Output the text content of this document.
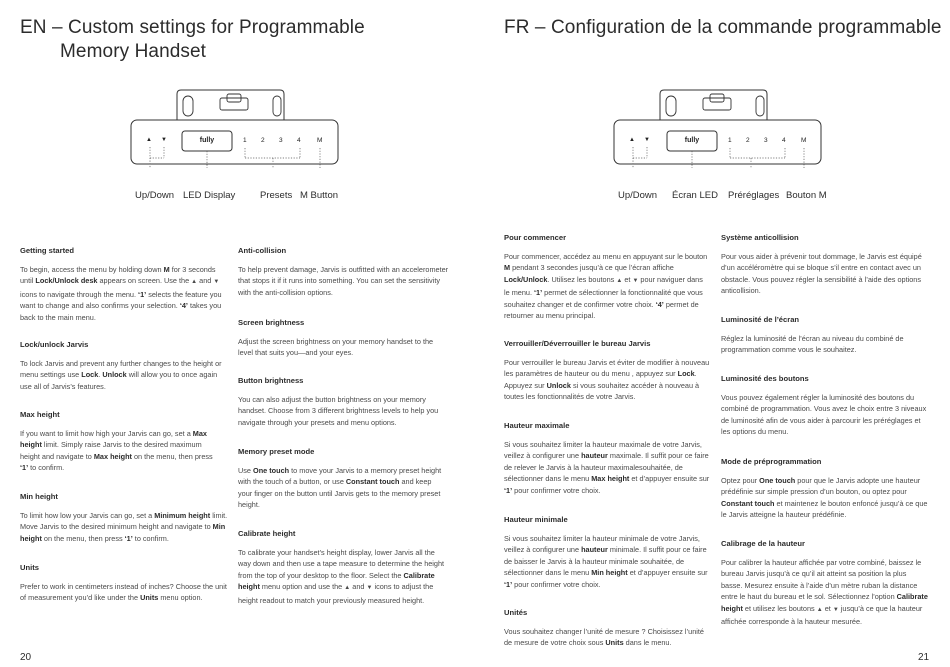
EN – Custom settings for Programmable
Memory Handset
▲ ▼	fully	1 2 3 4	M
Up/Down LED Display	Presets M Button
Getting started
To begin, access the menu by holding down M for 3 seconds until Lock/Unlock desk appears on screen. Use the ▲ and ▼ icons to navigate through the menu. ‘1’ selects the feature you want to change and also confirms your selection. ‘4’ takes you back to the main menu.
Lock/unlock Jarvis
To lock Jarvis and prevent any further changes to the height or menu settings use Lock. Unlock will allow you to once again use all of Jarvis’s features.
Max height
If you want to limit how high your Jarvis can go, set a Max height limit. Simply raise Jarvis to the desired maximum height and navigate to Max height on the menu, then press ‘1’ to confirm.
Min height
To limit how low your Jarvis can go, set a Minimum height limit. Move Jarvis to the desired minimum height and navigate to Min height on the menu, then press ‘1’ to confirm.
Units
Prefer to work in centimeters instead of inches? Choose the unit of measurement you’d like under the Units menu option.
Anti-collision
To help prevent damage, Jarvis is outfitted with an accelerometer that stops it if it runs into something. You can set the sensitivity with the anti-collision options.
Screen brightness
Adjust the screen brightness on your memory handset to the level that suits you—and your eyes.
Button brightness
You can also adjust the button brightness on your memory handset. Choose from 3 different brightness levels to help you navigate through your presets and menu options.
Memory preset mode
Use One touch to move your Jarvis to a memory preset height with the touch of a button, or use Constant touch and keep your finger on the button until Jarvis gets to the memory preset height.
Calibrate height
To calibrate your handset’s height display, lower Jarvis all the way down and then use a tape measure to determine the height from the top of your desktop to the floor. Select the Calibrate height menu option and use the ▲ and ▼ icons to adjust the height readout to match your previously measured height.
20
FR – Configuration de la commande programmable
▲ ▼	fully	1 2 3 4 M
Up/Down Écran LED Préréglages Bouton M
Pour commencer
Pour commencer, accédez au menu en appuyant sur le bouton M pendant 3 secondes jusqu’à ce que l’écran affiche Lock/Unlock. Utilisez les boutons ▲ et ▼ pour naviguer dans le menu. ‘1’ permet de sélectionner la fonctionnalité que vous souhaitez changer et de confirmer votre choix. ‘4’ permet de retourner au menu principal.
Verrouiller/Déverrouiller le bureau Jarvis
Pour verrouiller le bureau Jarvis et éviter de modifier à nouveau les paramètres de hauteur ou du menu , appuyez sur Lock. Appuyez sur Unlock si vous souhaitez accéder à nouveau à toutes les fonctionnalités de votre Jarvis.
Hauteur maximale
Si vous souhaitez limiter la hauteur maximale de votre Jarvis, veillez à configurer une hauteur maximale. Il suffit pour ce faire de relever le Jarvis à la hauteur maximalesouhaitée, de sélectionner dans le menu Max height et d’appuyer ensuite sur ‘1’ pour confirmer votre choix.
Hauteur minimale
Si vous souhaitez limiter la hauteur minimale de votre Jarvis, veillez à configurer une hauteur minimale. Il suffit pour ce faire de baisser le Jarvis à la hauteur minimale souhaitée, de sélectionner dans le menu Min height et d’appuyer ensuite sur ‘1’ pour confirmer votre choix.
Unités
Vous souhaitez changer l’unité de mesure ? Choisissez l’unité de mesure de votre choix sous Units dans le menu.
Système anticollision
Pour vous aider à prévenir tout dommage, le Jarvis est équipé d’un accéléromètre qui se bloque s’il entre en contact avec un obstacle. Vous pouvez régler la sensibilité à l’aide des options anticollision.
Luminosité de l’écran
Réglez la luminosité de l’écran au niveau du combiné de programmation comme vous le souhaitez.
Luminosité des boutons
Vous pouvez également régler la luminosité des boutons du combiné de programmation. Vous avez le choix entre 3 niveaux de luminosité afin de vous aider à parcourir les préréglages et les options du menu.
Mode de préprogrammation
Optez pour One touch pour que le Jarvis adopte une hauteur prédéfinie sur simple pression d’un bouton, ou optez pour Constant touch et maintenez le bouton enfoncé jusqu’à ce que le Jarvis atteigne la hauteur prédéfinie.
Calibrage de la hauteur
Pour calibrer la hauteur affichée par votre combiné, baissez le bureau Jarvis jusqu’à ce qu’il ait atteint sa position la plus basse. Mesurez ensuite à l’aide d’un mètre ruban la distance entre le haut du bureau et le sol. Sélectionnez l’option Calibrate height et utilisez les boutons ▲ et ▼ jusqu’à ce que la hauteur affichée corresponde à la hauteur mesurée.
21
